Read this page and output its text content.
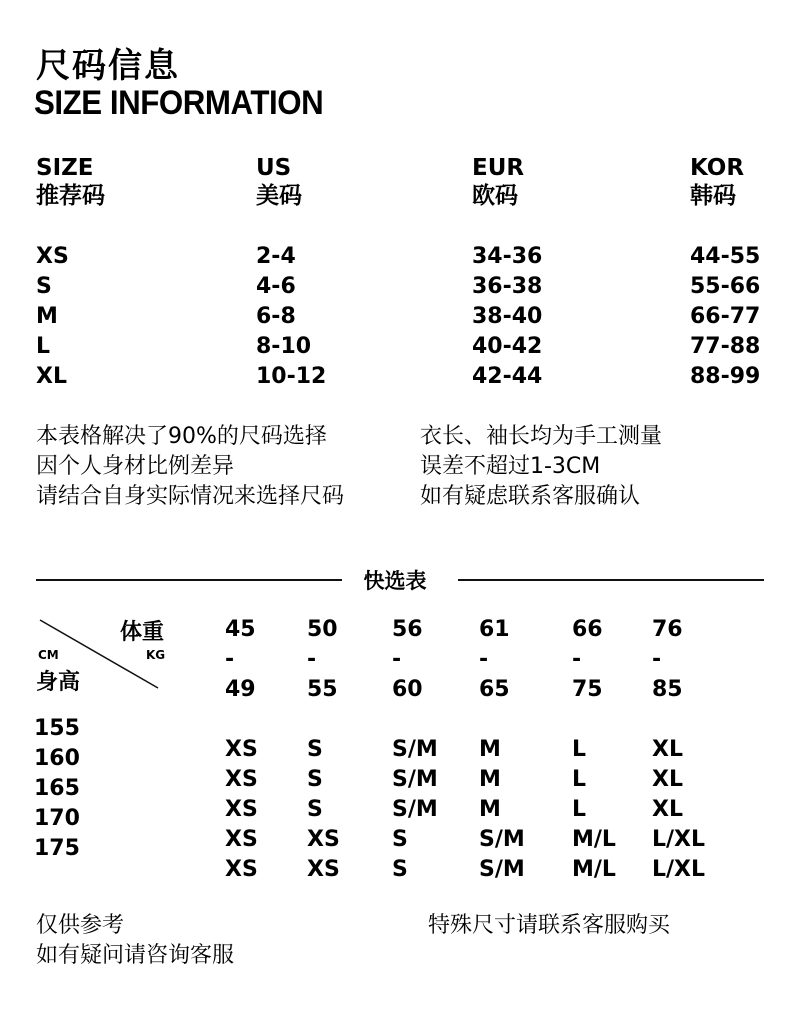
尺码信息
SIZE INFORMATION
SIZE
推荐码
US
美码
EUR
欧码
KOR
韩码
XS
S
M
L
XL
2-4
4-6
6-8
8-10
10-12
34-36
36-38
38-40
40-42
42-44
44-55
55-66
66-77
77-88
88-99
本表格解决了90%的尺码选择
因个人身材比例差异
请结合自身实际情况来选择尺码
衣长、袖长均为手工测量
误差不超过1-3CM
如有疑虑联系客服确认
快选表
体重
KG
CM
身高
45
-
49
50
-
55
56
-
60
61
-
65
66
-
75
76
-
85
155
160
165
170
175
XS
XS
XS
XS
XS
S
S
S
XS
XS
S/M
S/M
S/M
S
S
M
M
M
S/M
S/M
L
L
L
M/L
M/L
XL
XL
XL
L/XL
L/XL
仅供参考
如有疑问请咨询客服
特殊尺寸请联系客服购买
